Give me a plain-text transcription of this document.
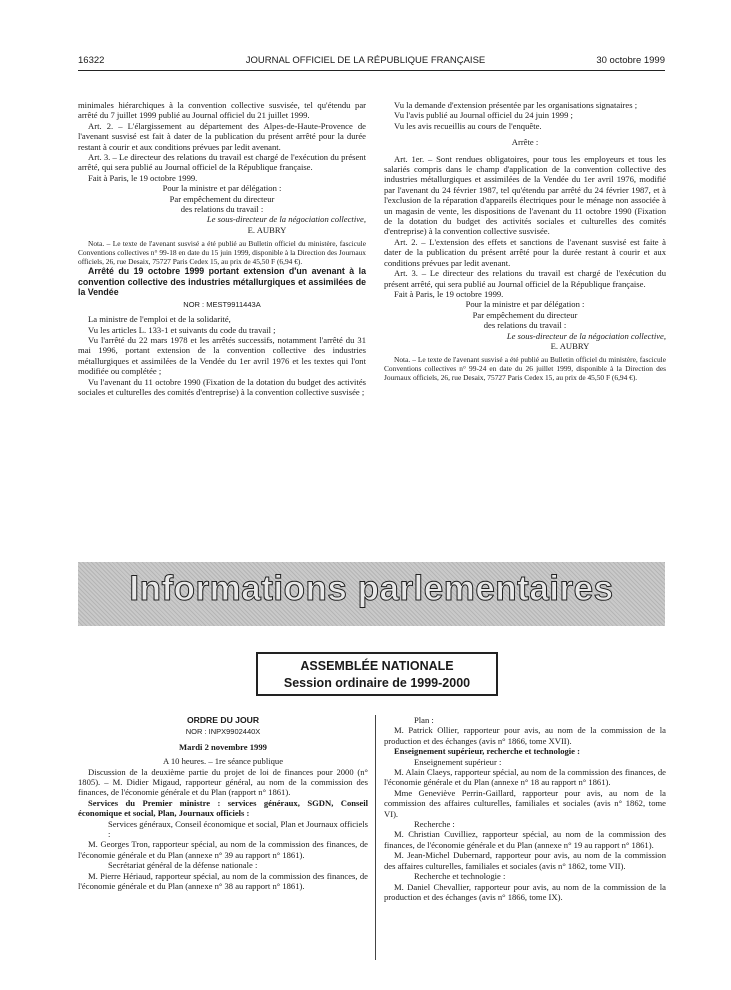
16322	JOURNAL OFFICIEL DE LA RÉPUBLIQUE FRANÇAISE	30 octobre 1999

minimales hiérarchiques à la convention collective susvisée, tel qu'étendu par arrêté du 7 juillet 1999 publié au Journal officiel du 21 juillet 1999.

Art. 2. – L'élargissement au département des Alpes-de-Haute-Provence de l'avenant susvisé est fait à dater de la publication du présent arrêté pour la durée restant à courir et aux conditions prévues par ledit avenant.

Art. 3. – Le directeur des relations du travail est chargé de l'exécution du présent arrêté, qui sera publié au Journal officiel de la République française.

Fait à Paris, le 19 octobre 1999.

Pour la ministre et par délégation :

Par empêchement du directeur

des relations du travail :

Le sous-directeur de la négociation collective,

E. AUBRY

Nota. – Le texte de l'avenant susvisé a été publié au Bulletin officiel du ministère, fascicule Conventions collectives n° 99-18 en date du 15 juin 1999, disponible à la Direction des Journaux officiels, 26, rue Desaix, 75727 Paris Cedex 15, au prix de 45,50 F (6,94 €).

Arrêté du 19 octobre 1999 portant extension d'un avenant à la convention collective des industries métallurgiques et assimilées de la Vendée

NOR : MEST9911443A

La ministre de l'emploi et de la solidarité,

Vu les articles L. 133-1 et suivants du code du travail ;

Vu l'arrêté du 22 mars 1978 et les arrêtés successifs, notamment l'arrêté du 31 mai 1996, portant extension de la convention collective des industries métallurgiques et assimilées de la Vendée du 1er avril 1976 et les textes qui l'ont modifiée ou complétée ;

Vu l'avenant du 11 octobre 1990 (Fixation de la dotation du budget des activités sociales et culturelles des comités d'entreprise) à la convention collective susvisée ;

Vu la demande d'extension présentée par les organisations signataires ;

Vu l'avis publié au Journal officiel du 24 juin 1999 ;

Vu les avis recueillis au cours de l'enquête.

Arrête :

Art. 1er. – Sont rendues obligatoires, pour tous les employeurs et tous les salariés compris dans le champ d'application de la convention collective des industries métallurgiques et assimilées de la Vendée du 1er avril 1976, modifié par l'avenant du 24 février 1987, tel qu'étendu par arrêté du 24 février 1987, et à l'exclusion de la réparation d'appareils électriques pour le ménage non associée à un magasin de vente, les dispositions de l'avenant du 11 octobre 1990 (Fixation de la dotation du budget des activités sociales et culturelles des comités d'entreprise) à la convention collective susvisée.

Art. 2. – L'extension des effets et sanctions de l'avenant susvisé est faite à dater de la publication du présent arrêté pour la durée restant à courir et aux conditions prévues par ledit avenant.

Art. 3. – Le directeur des relations du travail est chargé de l'exécution du présent arrêté, qui sera publié au Journal officiel de la République française.

Fait à Paris, le 19 octobre 1999.

Pour la ministre et par délégation :

Par empêchement du directeur

des relations du travail :

Le sous-directeur de la négociation collective,

E. AUBRY

Nota. – Le texte de l'avenant susvisé a été publié au Bulletin officiel du ministère, fascicule Conventions collectives n° 99-24 en date du 26 juillet 1999, disponible à la Direction des Journaux officiels, 26, rue Desaix, 75727 Paris Cedex 15, au prix de 45,50 F (6,94 €).

Informations parlementaires
ASSEMBLÉE NATIONALE
Session ordinaire de 1999-2000

ORDRE DU JOUR

NOR : INPX9902440X

Mardi 2 novembre 1999

A 10 heures. – 1re séance publique

Discussion de la deuxième partie du projet de loi de finances pour 2000 (n° 1805). – M. Didier Migaud, rapporteur général, au nom de la commission des finances, de l'économie générale et du Plan (rapport n° 1861).

Services du Premier ministre : services généraux, SGDN, Conseil économique et social, Plan, Journaux officiels :

Services généraux, Conseil économique et social, Plan et Journaux officiels :

M. Georges Tron, rapporteur spécial, au nom de la commission des finances, de l'économie générale et du Plan (annexe n° 39 au rapport n° 1861).

Secrétariat général de la défense nationale :

M. Pierre Hériaud, rapporteur spécial, au nom de la commission des finances, de l'économie générale et du Plan (annexe n° 38 au rapport n° 1861).

Plan :

M. Patrick Ollier, rapporteur pour avis, au nom de la commission de la production et des échanges (avis n° 1866, tome XVII).

Enseignement supérieur, recherche et technologie :

Enseignement supérieur :

M. Alain Claeys, rapporteur spécial, au nom de la commission des finances, de l'économie générale et du Plan (annexe n° 18 au rapport n° 1861).

Mme Geneviève Perrin-Gaillard, rapporteur pour avis, au nom de la commission des affaires culturelles, familiales et sociales (avis n° 1862, tome VI).

Recherche :

M. Christian Cuvilliez, rapporteur spécial, au nom de la commission des finances, de l'économie générale et du Plan (annexe n° 19 au rapport n° 1861).

M. Jean-Michel Dubernard, rapporteur pour avis, au nom de la commission des affaires culturelles, familiales et sociales (avis n° 1862, tome VII).

Recherche et technologie :

M. Daniel Chevallier, rapporteur pour avis, au nom de la commission de la production et des échanges (avis n° 1866, tome IX).
